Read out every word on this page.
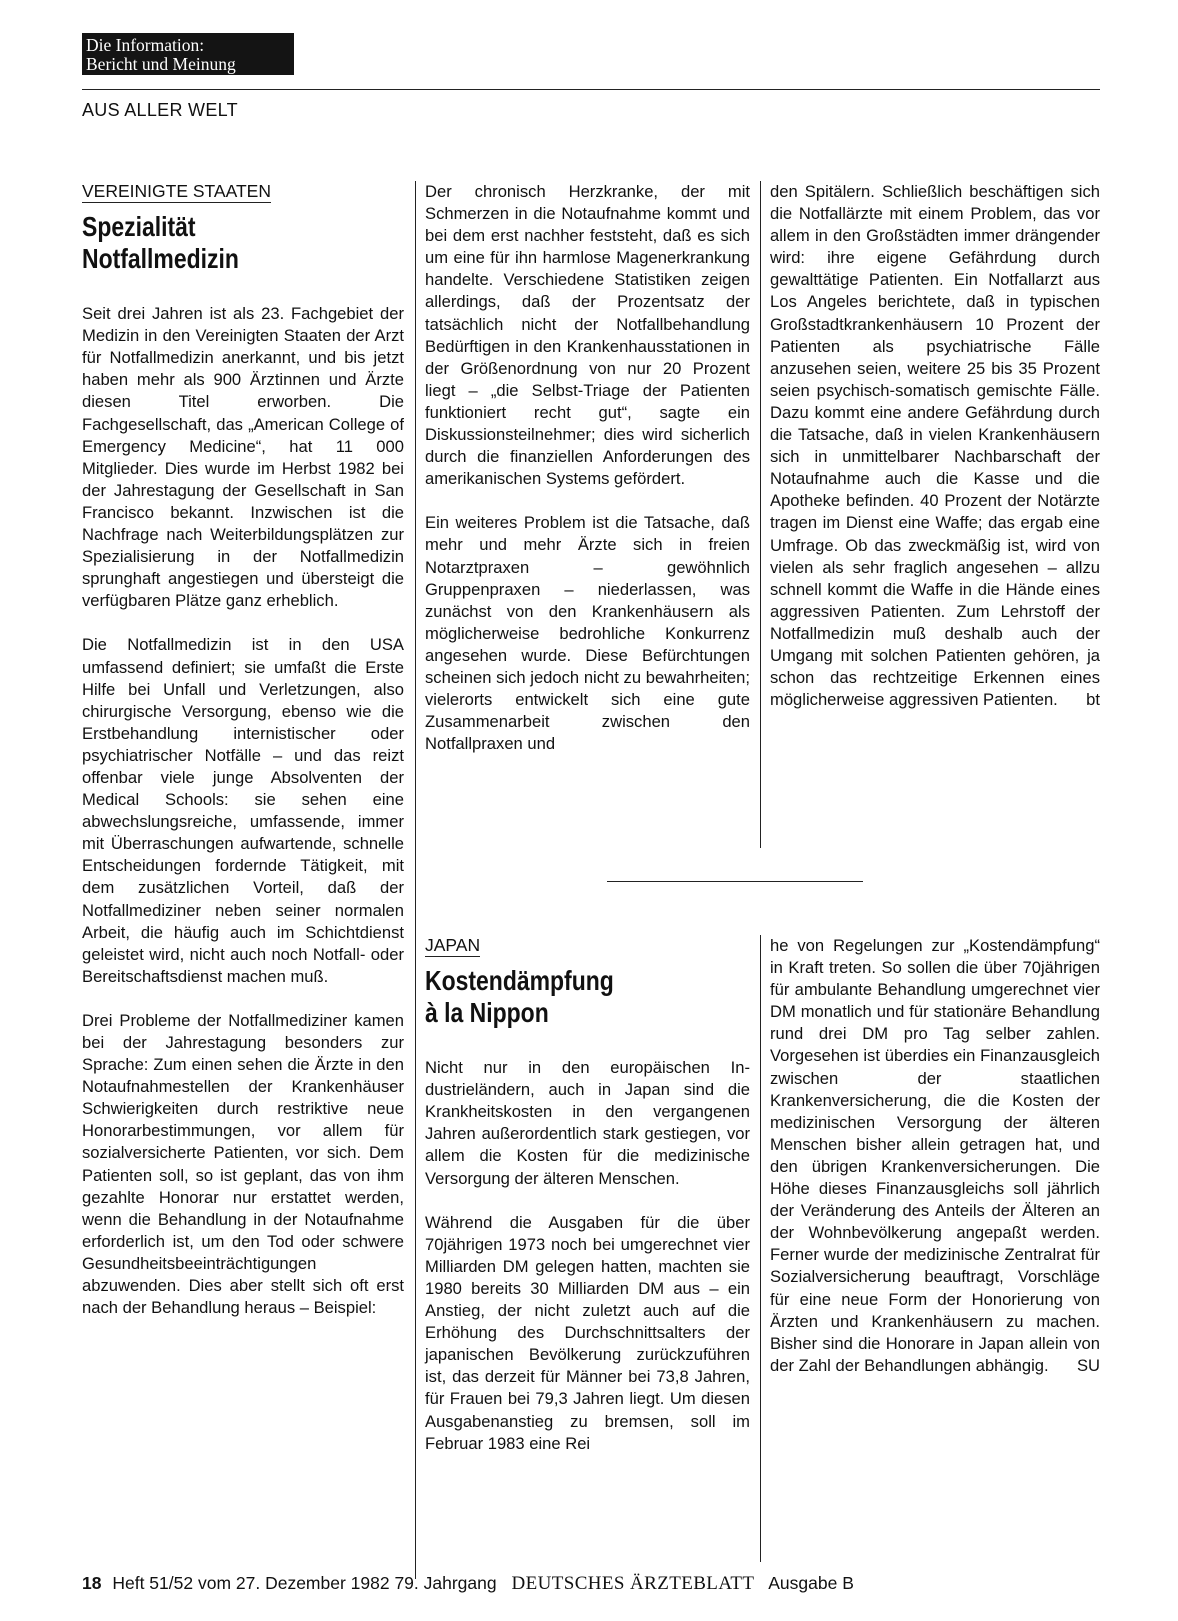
Die Information:
Bericht und Meinung
AUS ALLER WELT
VEREINIGTE STAATEN
Spezialität
Notfallmedizin

Seit drei Jahren ist als 23. Fachgebiet der Medizin in den Vereinigten Staaten der Arzt für Notfallmedizin anerkannt, und bis jetzt haben mehr als 900 Ärztinnen und Ärzte diesen Titel erworben. Die Fachgesellschaft, das „American College of Emergency Medicine“, hat 11 000 Mitglieder. Dies wurde im Herbst 1982 bei der Jahrestagung der Gesellschaft in San Francisco bekannt. Inzwischen ist die Nachfrage nach Weiterbildungsplätzen zur Spezialisierung in der Notfallmedizin sprunghaft angestiegen und übersteigt die verfügbaren Plätze ganz erheblich.

Die Notfallmedizin ist in den USA umfassend definiert; sie umfaßt die Erste Hilfe bei Unfall und Verletzungen, also chirurgische Versorgung, ebenso wie die Erstbehandlung internistischer oder psychiatrischer Notfälle – und das reizt offenbar viele junge Absolventen der Medical Schools: sie sehen eine abwechslungsreiche, umfassende, immer mit Überraschungen aufwartende, schnelle Entscheidungen fordernde Tätigkeit, mit dem zusätzlichen Vorteil, daß der Notfallmediziner neben seiner normalen Arbeit, die häufig auch im Schichtdienst geleistet wird, nicht auch noch Notfall- oder Bereitschaftsdienst machen muß.

Drei Probleme der Notfallmediziner kamen bei der Jahrestagung besonders zur Sprache: Zum einen sehen die Ärzte in den Notaufnahmestellen der Krankenhäuser Schwierigkeiten durch restriktive neue Honorarbestimmungen, vor allem für sozialversicherte Patienten, vor sich. Dem Patienten soll, so ist geplant, das von ihm gezahlte Honorar nur erstattet werden, wenn die Behandlung in der Notaufnahme erforderlich ist, um den Tod oder schwere Gesundheitsbeeinträchtigungen abzuwenden. Dies aber stellt sich oft erst nach der Behandlung heraus – Beispiel:

Der chronisch Herzkranke, der mit Schmerzen in die Notaufnahme kommt und bei dem erst nachher feststeht, daß es sich um eine für ihn harmlose Magenerkrankung handelte. Verschiedene Statistiken zeigen allerdings, daß der Prozentsatz der tatsächlich nicht der Notfallbehandlung Bedürftigen in den Krankenhausstationen in der Größenordnung von nur 20 Prozent liegt – „die Selbst-Triage der Patienten funktioniert recht gut“, sagte ein Diskussionsteilnehmer; dies wird sicherlich durch die finanziellen Anforderungen des amerikanischen Systems gefördert.

Ein weiteres Problem ist die Tatsache, daß mehr und mehr Ärzte sich in freien Notarztpraxen – gewöhnlich Gruppenpraxen – niederlassen, was zunächst von den Krankenhäusern als möglicherweise bedrohliche Konkurrenz angesehen wurde. Diese Befürchtungen scheinen sich jedoch nicht zu bewahrheiten; vielerorts entwickelt sich eine gute Zusammenarbeit zwischen den Notfallpraxen und

den Spitälern. Schließlich beschäftigen sich die Notfallärzte mit einem Problem, das vor allem in den Großstädten immer drängender wird: ihre eigene Gefährdung durch gewalttätige Patienten. Ein Notfallarzt aus Los Angeles berichtete, daß in typischen Großstadtkrankenhäusern 10 Prozent der Patienten als psychiatrische Fälle anzusehen seien, weitere 25 bis 35 Prozent seien psychisch-somatisch gemischte Fälle. Dazu kommt eine andere Gefährdung durch die Tatsache, daß in vielen Krankenhäusern sich in unmittelbarer Nachbarschaft der Notaufnahme auch die Kasse und die Apotheke befinden. 40 Prozent der Notärzte tragen im Dienst eine Waffe; das ergab eine Umfrage. Ob das zweckmäßig ist, wird von vielen als sehr fraglich angesehen – allzu schnell kommt die Waffe in die Hände eines aggressiven Patienten. Zum Lehrstoff der Notfallmedizin muß deshalb auch der Umgang mit solchen Patienten gehören, ja schon das rechtzeitige Erkennen eines möglicherweise aggressiven Patienten. bt

JAPAN
Kostendämpfung
à la Nippon

Nicht nur in den europäischen Industrieländern, auch in Japan sind die Krankheitskosten in den vergangenen Jahren außerordentlich stark gestiegen, vor allem die Kosten für die medizinische Versorgung der älteren Menschen.

Während die Ausgaben für die über 70jährigen 1973 noch bei umgerechnet vier Milliarden DM gelegen hatten, machten sie 1980 bereits 30 Milliarden DM aus – ein Anstieg, der nicht zuletzt auch auf die Erhöhung des Durchschnittsalters der japanischen Bevölkerung zurückzuführen ist, das derzeit für Männer bei 73,8 Jahren, für Frauen bei 79,3 Jahren liegt. Um diesen Ausgabenanstieg zu bremsen, soll im Februar 1983 eine Rei

he von Regelungen zur „Kostendämpfung“ in Kraft treten. So sollen die über 70jährigen für ambulante Behandlung umgerechnet vier DM monatlich und für stationäre Behandlung rund drei DM pro Tag selber zahlen. Vorgesehen ist überdies ein Finanzausgleich zwischen der staatlichen Krankenversicherung, die die Kosten der medizinischen Versorgung der älteren Menschen bisher allein getragen hat, und den übrigen Krankenversicherungen. Die Höhe dieses Finanzausgleichs soll jährlich der Veränderung des Anteils der Älteren an der Wohnbevölkerung angepaßt werden. Ferner wurde der medizinische Zentralrat für Sozialversicherung beauftragt, Vorschläge für eine neue Form der Honorierung von Ärzten und Krankenhäusern zu machen. Bisher sind die Honorare in Japan allein von der Zahl der Behandlungen abhängig. SU

18 Heft 51/52 vom 27. Dezember 1982 79. Jahrgang DEUTSCHES ÄRZTEBLATT Ausgabe B
